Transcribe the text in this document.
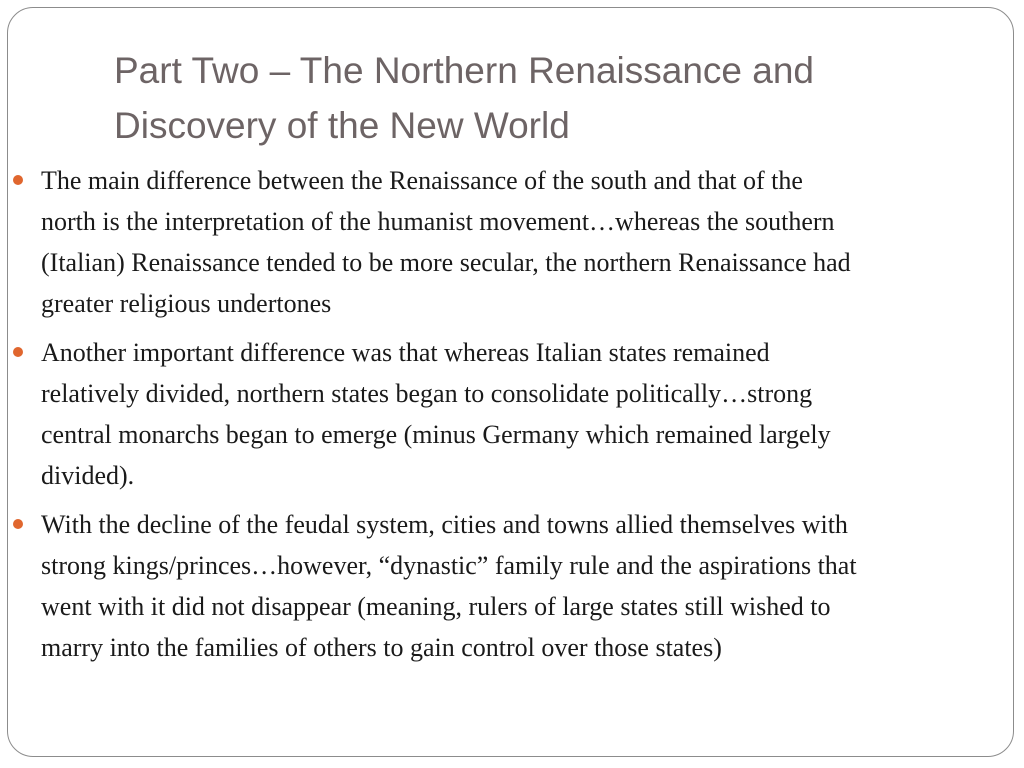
Part Two – The Northern Renaissance and
Discovery of the New World

The main difference between the Renaissance of the south and that of the
north is the interpretation of the humanist movement…whereas the southern
(Italian) Renaissance tended to be more secular, the northern Renaissance had
greater religious undertones

Another important difference was that whereas Italian states remained
relatively divided, northern states began to consolidate politically…strong
central monarchs began to emerge (minus Germany which remained largely
divided).

With the decline of the feudal system, cities and towns allied themselves with
strong kings/princes…however, “dynastic” family rule and the aspirations that
went with it did not disappear (meaning, rulers of large states still wished to
marry into the families of others to gain control over those states)
